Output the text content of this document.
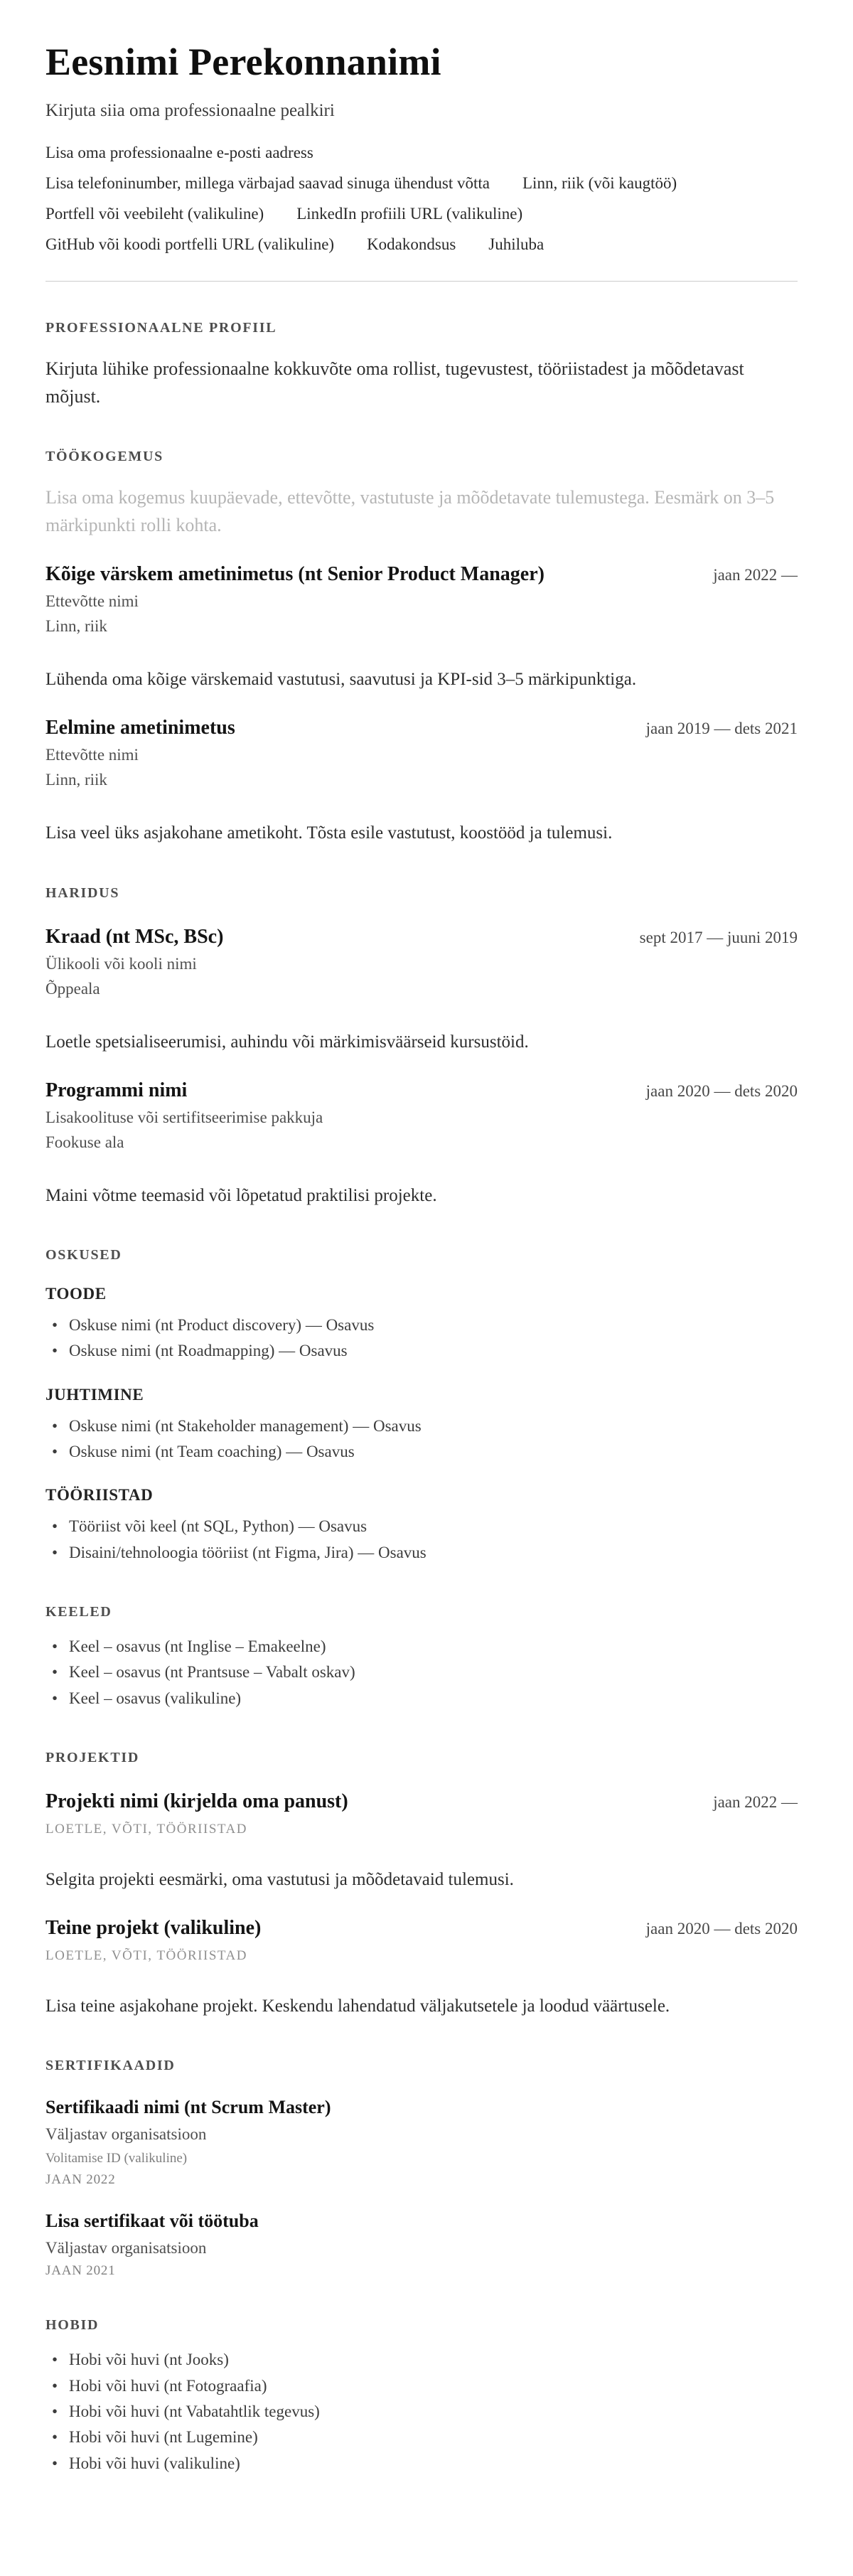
Eesnimi Perekonnanimi

Kirjuta siia oma professionaalne pealkiri

Lisa oma professionaalne e-posti aadress
Lisa telefoninumber, millega värbajad saavad sinuga ühendust võtta Linn, riik (või kaugtöö)
Portfell või veebileht (valikuline) LinkedIn profiili URL (valikuline)
GitHub või koodi portfelli URL (valikuline) Kodakondsus Juhiluba
PROFESSIONAALNE PROFIIL

Kirjuta lühike professionaalne kokkuvõte oma rollist, tugevustest, tööriistadest ja mõõdetavast mõjust.

TÖÖKOGEMUS

Lisa oma kogemus kuupäevade, ettevõtte, vastutuste ja mõõdetavate tulemustega. Eesmärk on 3–5 märkipunkti rolli kohta.

Kõige värskem ametinimetus (nt Senior Product Manager)	jaan 2022 —

Ettevõtte nimi

Linn, riik

Lühenda oma kõige värskemaid vastutusi, saavutusi ja KPI-sid 3–5 märkipunktiga.

Eelmine ametinimetus	jaan 2019 — dets 2021

Ettevõtte nimi

Linn, riik

Lisa veel üks asjakohane ametikoht. Tõsta esile vastutust, koostööd ja tulemusi.

HARIDUS
Kraad (nt MSc, BSc)	sept 2017 — juuni 2019

Ülikooli või kooli nimi

Õppeala

Loetle spetsialiseerumisi, auhindu või märkimisväärseid kursustöid.

Programmi nimi	jaan 2020 — dets 2020

Lisakoolituse või sertifitseerimise pakkuja

Fookuse ala

Maini võtme teemasid või lõpetatud praktilisi projekte.

OSKUSED
TOODE
• Oskuse nimi (nt Product discovery) — Osavus
• Oskuse nimi (nt Roadmapping) — Osavus
JUHTIMINE
• Oskuse nimi (nt Stakeholder management) — Osavus
• Oskuse nimi (nt Team coaching) — Osavus
TÖÖRIISTAD
• Tööriist või keel (nt SQL, Python) — Osavus
• Disaini/tehnoloogia tööriist (nt Figma, Jira) — Osavus
KEELED
• Keel – osavus (nt Inglise – Emakeelne)
• Keel – osavus (nt Prantsuse – Vabalt oskav)
• Keel – osavus (valikuline)
PROJEKTID
Projekti nimi (kirjelda oma panust)	jaan 2022 —

LOETLE, VÕTI, TÖÖRIISTAD

Selgita projekti eesmärki, oma vastutusi ja mõõdetavaid tulemusi.

Teine projekt (valikuline)	jaan 2020 — dets 2020

LOETLE, VÕTI, TÖÖRIISTAD

Lisa teine asjakohane projekt. Keskendu lahendatud väljakutsetele ja loodud väärtusele.

SERTIFIKAADID
Sertifikaadi nimi (nt Scrum Master)

Väljastav organisatsioon

Volitamise ID (valikuline)

JAAN 2022

Lisa sertifikaat või töötuba

Väljastav organisatsioon

JAAN 2021

HOBID
• Hobi või huvi (nt Jooks)
• Hobi või huvi (nt Fotograafia)
• Hobi või huvi (nt Vabatahtlik tegevus)
• Hobi või huvi (nt Lugemine)
• Hobi või huvi (valikuline)
